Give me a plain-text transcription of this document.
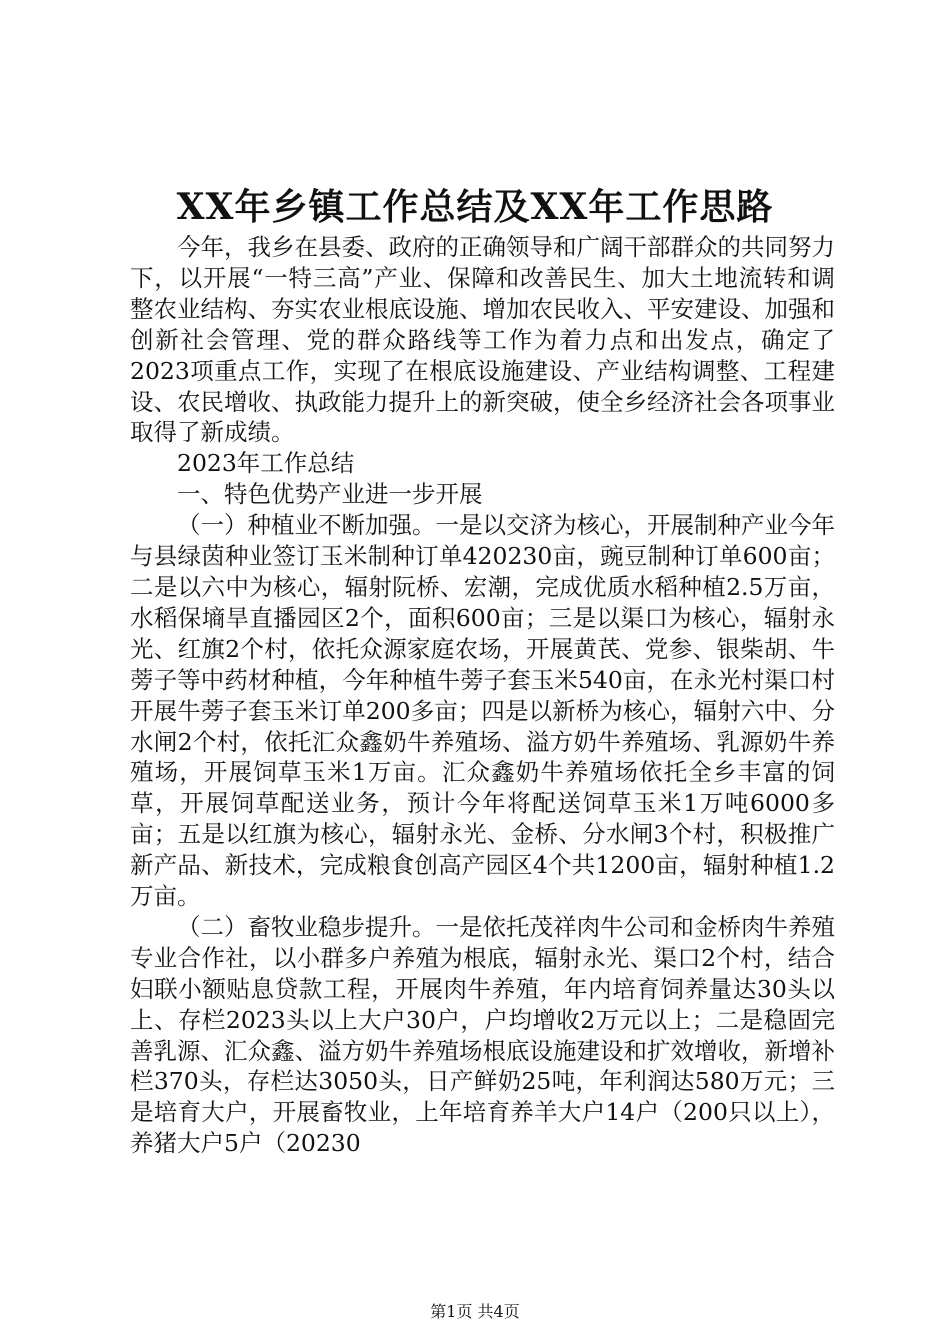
XX年乡镇工作总结及XX年工作思路

今年，我乡在县委、政府的正确领导和广阔干部群众的共同努力下，以开展“一特三高”产业、保障和改善民生、加大土地流转和调整农业结构、夯实农业根底设施、增加农民收入、平安建设、加强和创新社会管理、党的群众路线等工作为着力点和出发点，确定了2023项重点工作，实现了在根底设施建设、产业结构调整、工程建设、农民增收、执政能力提升上的新突破，使全乡经济社会各项事业取得了新成绩。

2023年工作总结

一、特色优势产业进一步开展

（一）种植业不断加强。一是以交济为核心，开展制种产业今年与县绿茵种业签订玉米制种订单420230亩，豌豆制种订单600亩；二是以六中为核心，辐射阮桥、宏潮，完成优质水稻种植2.5万亩，水稻保墒旱直播园区2个，面积600亩；三是以渠口为核心，辐射永光、红旗2个村，依托众源家庭农场，开展黄芪、党参、银柴胡、牛蒡子等中药材种植，今年种植牛蒡子套玉米540亩，在永光村渠口村开展牛蒡子套玉米订单200多亩；四是以新桥为核心，辐射六中、分水闸2个村，依托汇众鑫奶牛养殖场、溢方奶牛养殖场、乳源奶牛养殖场，开展饲草玉米1万亩。汇众鑫奶牛养殖场依托全乡丰富的饲草，开展饲草配送业务，预计今年将配送饲草玉米1万吨6000多亩；五是以红旗为核心，辐射永光、金桥、分水闸3个村，积极推广新产品、新技术，完成粮食创高产园区4个共1200亩，辐射种植1.2万亩。

（二）畜牧业稳步提升。一是依托茂祥肉牛公司和金桥肉牛养殖专业合作社，以小群多户养殖为根底，辐射永光、渠口2个村，结合妇联小额贴息贷款工程，开展肉牛养殖，年内培育饲养量达30头以上、存栏2023头以上大户30户，户均增收2万元以上；二是稳固完善乳源、汇众鑫、溢方奶牛养殖场根底设施建设和扩效增收，新增补栏370头，存栏达3050头，日产鲜奶25吨，年利润达580万元；三是培育大户，开展畜牧业，上年培育养羊大户14户（200只以上），养猪大户5户（20230

第1页 共4页
